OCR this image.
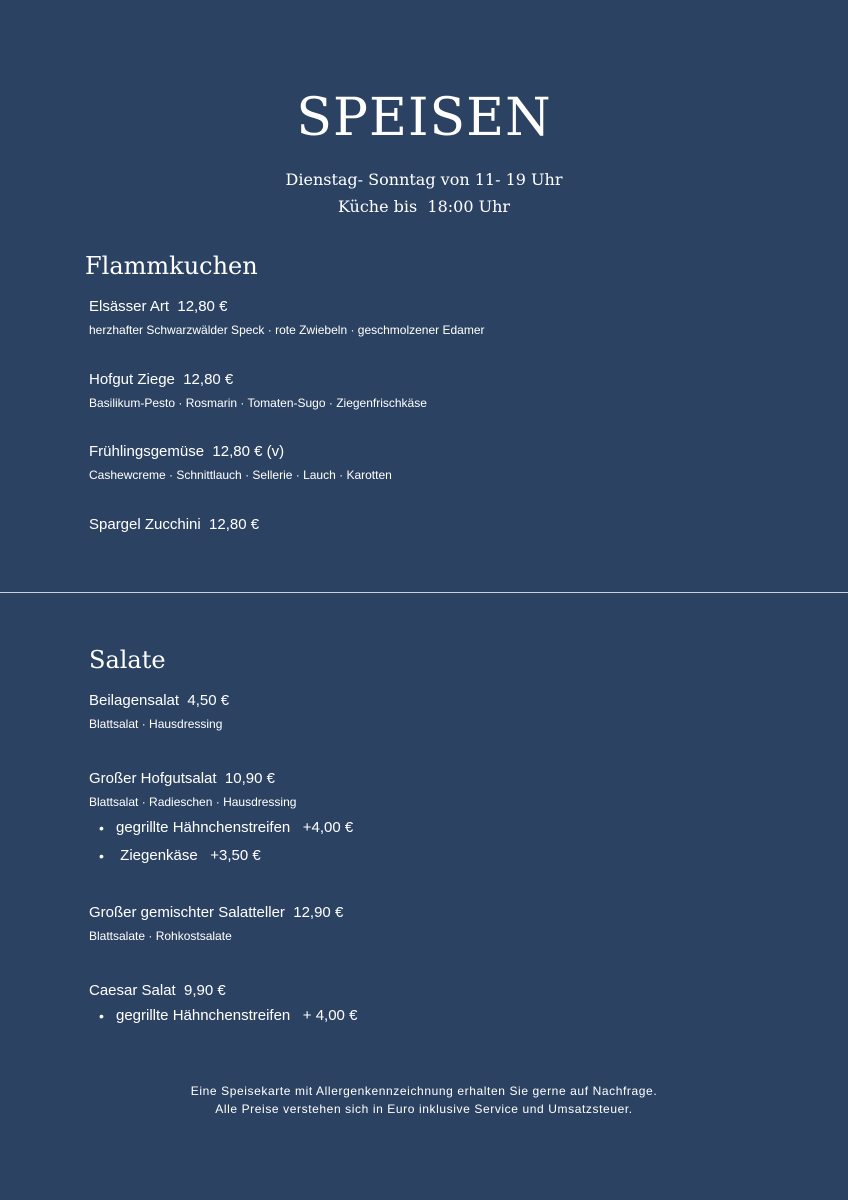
SPEISEN
Dienstag- Sonntag von 11- 19 Uhr
Küche bis  18:00 Uhr
Flammkuchen
Elsässer Art  12,80 €
herzhafter Schwarzwälder Speck · rote Zwiebeln · geschmolzener Edamer
Hofgut Ziege  12,80 €
Basilikum-Pesto · Rosmarin · Tomaten-Sugo · Ziegenfrischkäse
Frühlingsgemüse  12,80 € (v)
Cashewcreme · Schnittlauch · Sellerie · Lauch · Karotten
Spargel Zucchini  12,80 €
Salate
Beilagensalat  4,50 €
Blattsalat · Hausdressing
Großer Hofgutsalat  10,90 €
Blattsalat · Radieschen · Hausdressing
• gegrillte Hähnchenstreifen   +4,00 €
•  Ziegenkäse   +3,50 €
Großer gemischter Salatteller  12,90 €
Blattsalate · Rohkostsalate
Caesar Salat  9,90 €
• gegrillte Hähnchenstreifen   + 4,00 €
Eine Speisekarte mit Allergenkennzeichnung erhalten Sie gerne auf Nachfrage.
Alle Preise verstehen sich in Euro inklusive Service und Umsatzsteuer.
